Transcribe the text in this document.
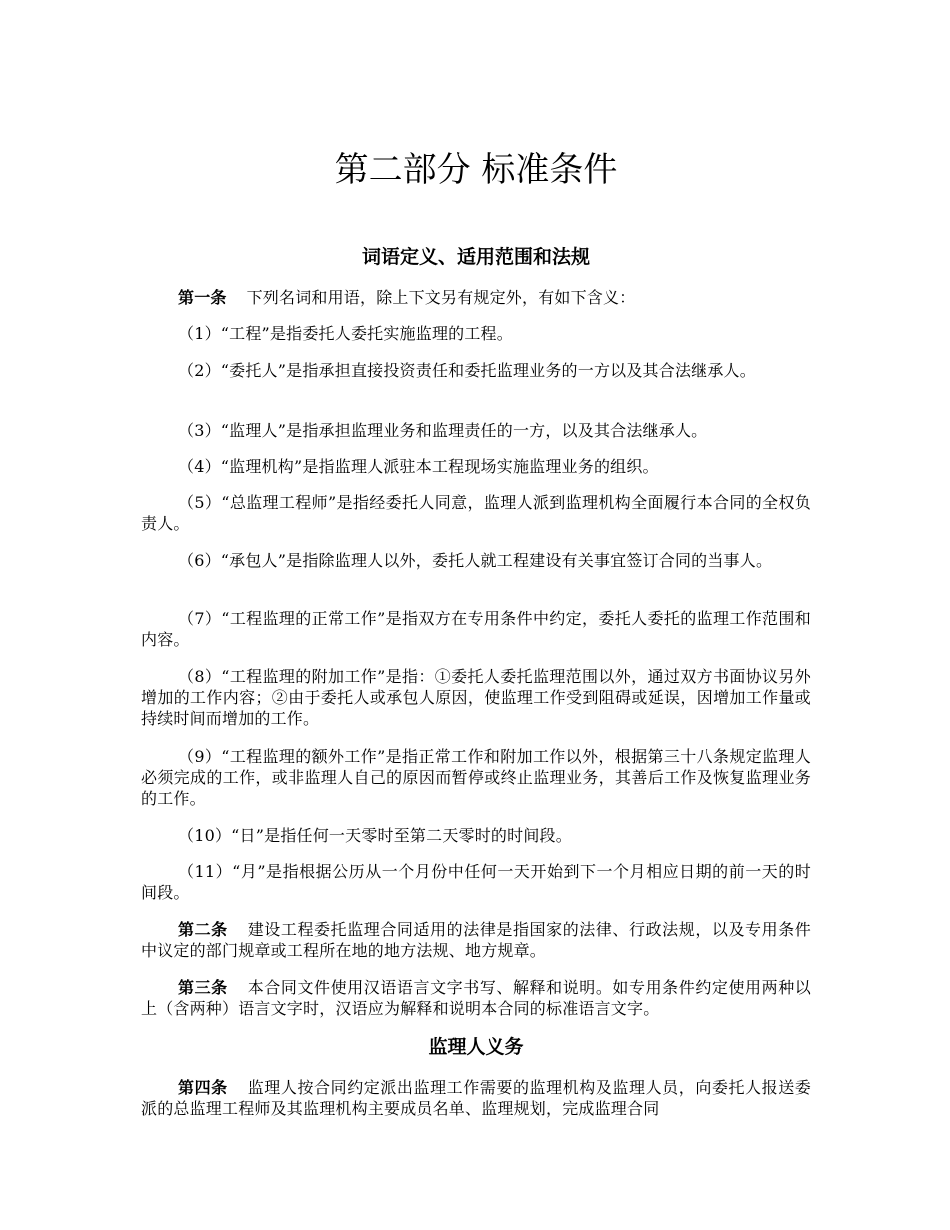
第二部分 标准条件
词语定义、适用范围和法规

第一条 下列名词和用语，除上下文另有规定外，有如下含义：

（1）“工程”是指委托人委托实施监理的工程。

（2）“委托人”是指承担直接投资责任和委托监理业务的一方以及其合法继承人。

（3）“监理人”是指承担监理业务和监理责任的一方，以及其合法继承人。

（4）“监理机构”是指监理人派驻本工程现场实施监理业务的组织。

（5）“总监理工程师”是指经委托人同意，监理人派到监理机构全面履行本合同的全权负责人。

（6）“承包人”是指除监理人以外，委托人就工程建设有关事宜签订合同的当事人。

（7）“工程监理的正常工作”是指双方在专用条件中约定，委托人委托的监理工作范围和内容。

（8）“工程监理的附加工作”是指：①委托人委托监理范围以外，通过双方书面协议另外增加的工作内容；②由于委托人或承包人原因，使监理工作受到阻碍或延误，因增加工作量或持续时间而增加的工作。

（9）“工程监理的额外工作”是指正常工作和附加工作以外，根据第三十八条规定监理人必须完成的工作，或非监理人自己的原因而暂停或终止监理业务，其善后工作及恢复监理业务的工作。

（10）“日”是指任何一天零时至第二天零时的时间段。

（11）“月”是指根据公历从一个月份中任何一天开始到下一个月相应日期的前一天的时间段。

第二条 建设工程委托监理合同适用的法律是指国家的法律、行政法规，以及专用条件中议定的部门规章或工程所在地的地方法规、地方规章。

第三条 本合同文件使用汉语语言文字书写、解释和说明。如专用条件约定使用两种以上（含两种）语言文字时，汉语应为解释和说明本合同的标准语言文字。

监理人义务

第四条 监理人按合同约定派出监理工作需要的监理机构及监理人员，向委托人报送委派的总监理工程师及其监理机构主要成员名单、监理规划，完成监理合同
